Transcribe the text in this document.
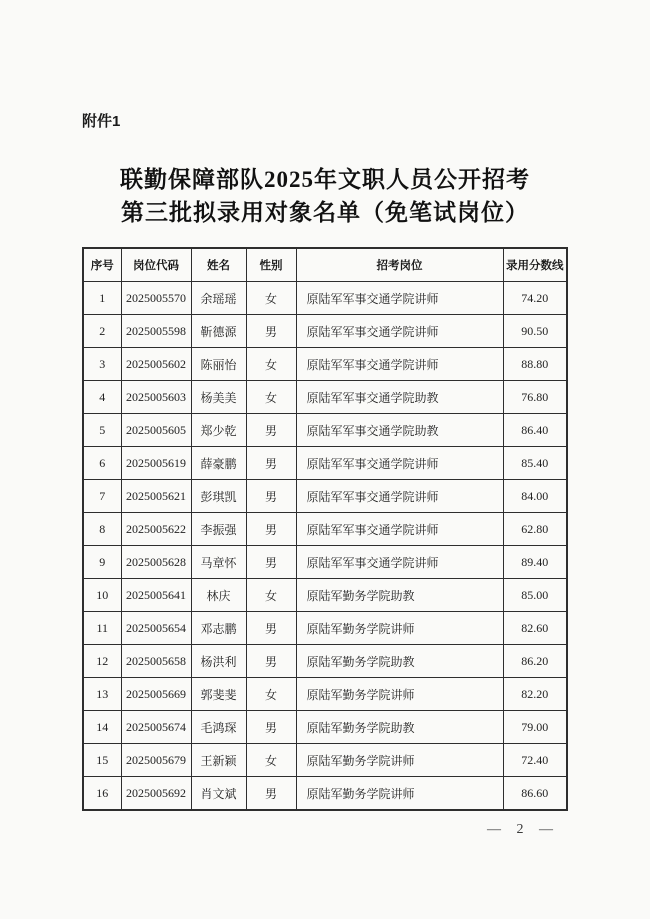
附件1
联勤保障部队2025年文职人员公开招考
第三批拟录用对象名单（免笔试岗位）
序号	岗位代码	姓名	性别	招考岗位	录用分数线
1	2025005570	余瑶瑶	女	原陆军军事交通学院讲师	74.20
2	2025005598	靳德源	男	原陆军军事交通学院讲师	90.50
3	2025005602	陈丽怡	女	原陆军军事交通学院讲师	88.80
4	2025005603	杨美美	女	原陆军军事交通学院助教	76.80
5	2025005605	郑少乾	男	原陆军军事交通学院助教	86.40
6	2025005619	薛豪鹏	男	原陆军军事交通学院讲师	85.40
7	2025005621	彭琪凯	男	原陆军军事交通学院讲师	84.00
8	2025005622	李振强	男	原陆军军事交通学院讲师	62.80
9	2025005628	马章怀	男	原陆军军事交通学院讲师	89.40
10	2025005641	林庆	女	原陆军勤务学院助教	85.00
11	2025005654	邓志鹏	男	原陆军勤务学院讲师	82.60
12	2025005658	杨洪利	男	原陆军勤务学院助教	86.20
13	2025005669	郭斐斐	女	原陆军勤务学院讲师	82.20
14	2025005674	毛鸿琛	男	原陆军勤务学院助教	79.00
15	2025005679	王新颖	女	原陆军勤务学院讲师	72.40
16	2025005692	肖文斌	男	原陆军勤务学院讲师	86.60
— 2 —
